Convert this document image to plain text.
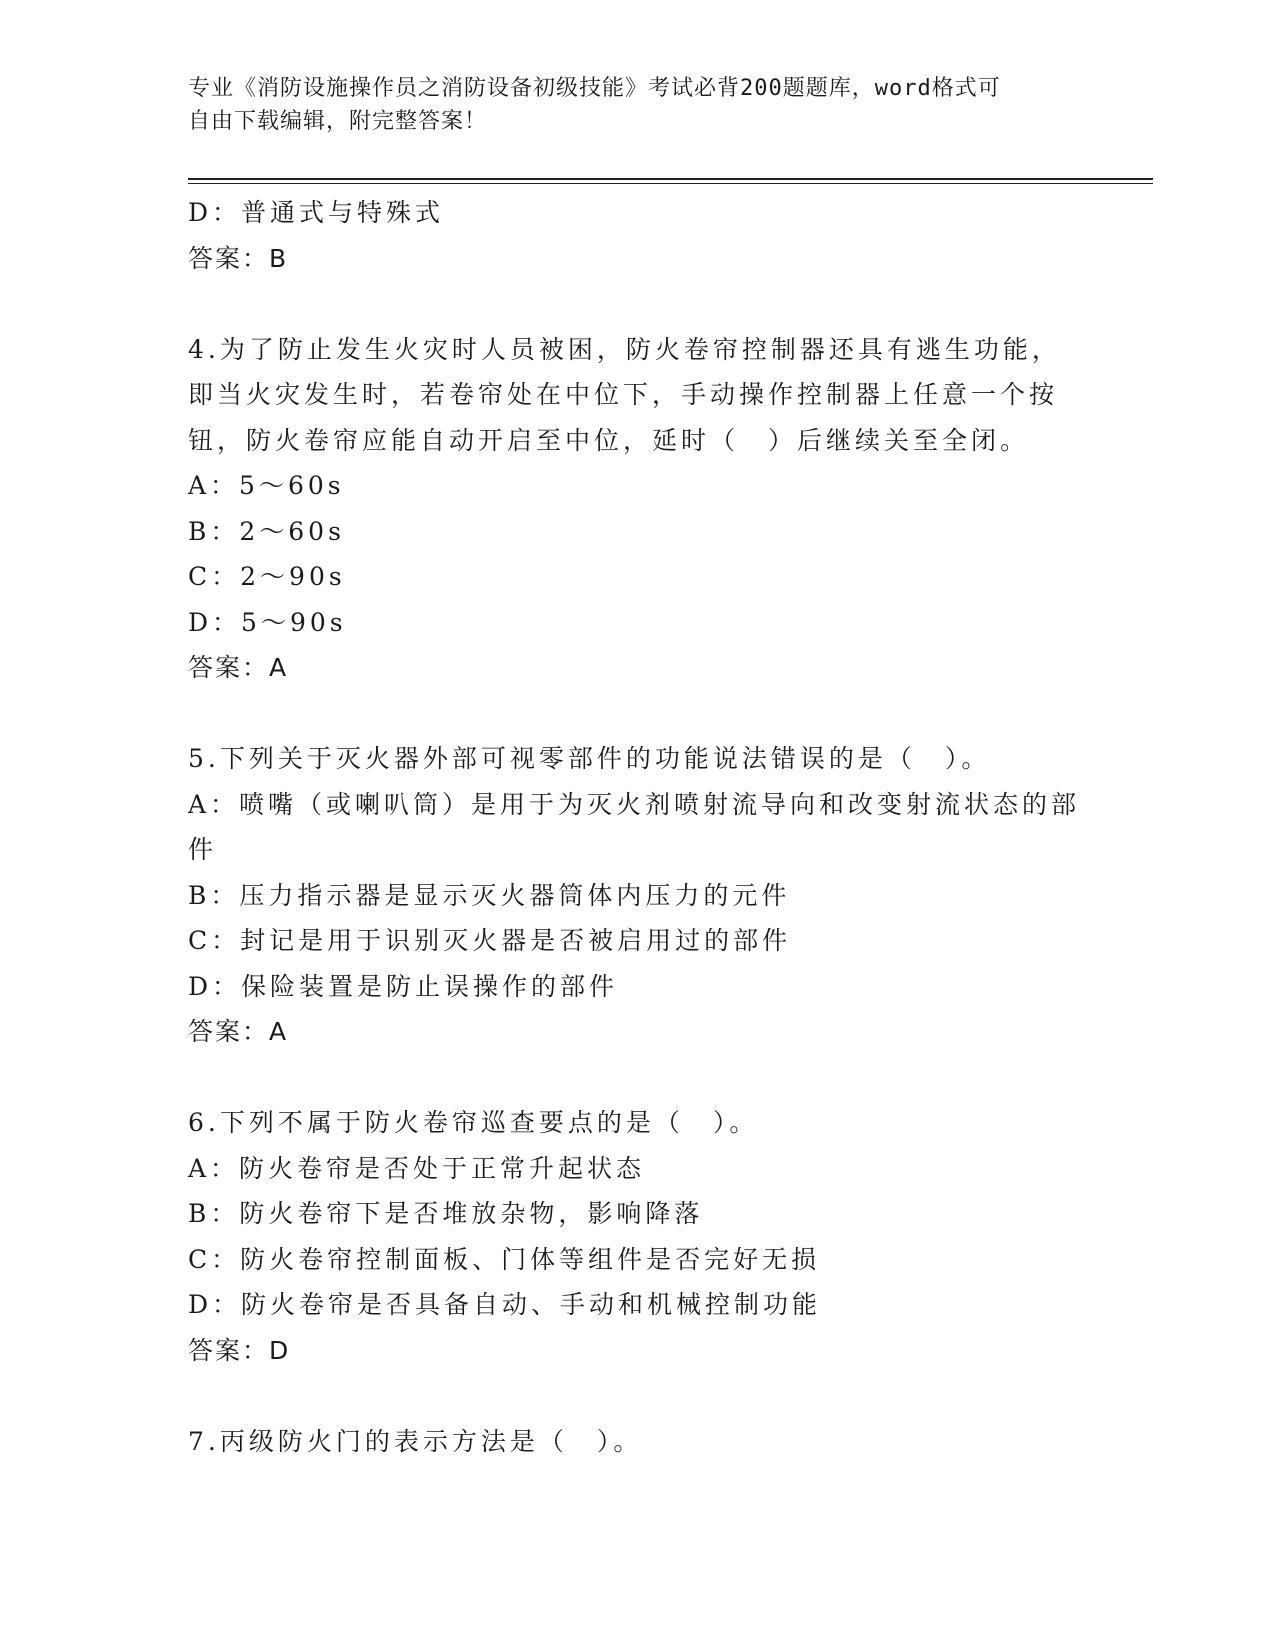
专业《消防设施操作员之消防设备初级技能》考试必背200题题库，word格式可
自由下载编辑，附完整答案！
D：普通式与特殊式
答案：B
4.为了防止发生火灾时人员被困，防火卷帘控制器还具有逃生功能，
即当火灾发生时，若卷帘处在中位下，手动操作控制器上任意一个按
钮，防火卷帘应能自动开启至中位，延时（　）后继续关至全闭。
A：5～60s
B：2～60s
C：2～90s
D：5～90s
答案：A
5.下列关于灭火器外部可视零部件的功能说法错误的是（　）。
A：喷嘴（或喇叭筒）是用于为灭火剂喷射流导向和改变射流状态的部
件
B：压力指示器是显示灭火器筒体内压力的元件
C：封记是用于识别灭火器是否被启用过的部件
D：保险装置是防止误操作的部件
答案：A
6.下列不属于防火卷帘巡查要点的是（　）。
A：防火卷帘是否处于正常升起状态
B：防火卷帘下是否堆放杂物，影响降落
C：防火卷帘控制面板、门体等组件是否完好无损
D：防火卷帘是否具备自动、手动和机械控制功能
答案：D
7.丙级防火门的表示方法是（　）。
